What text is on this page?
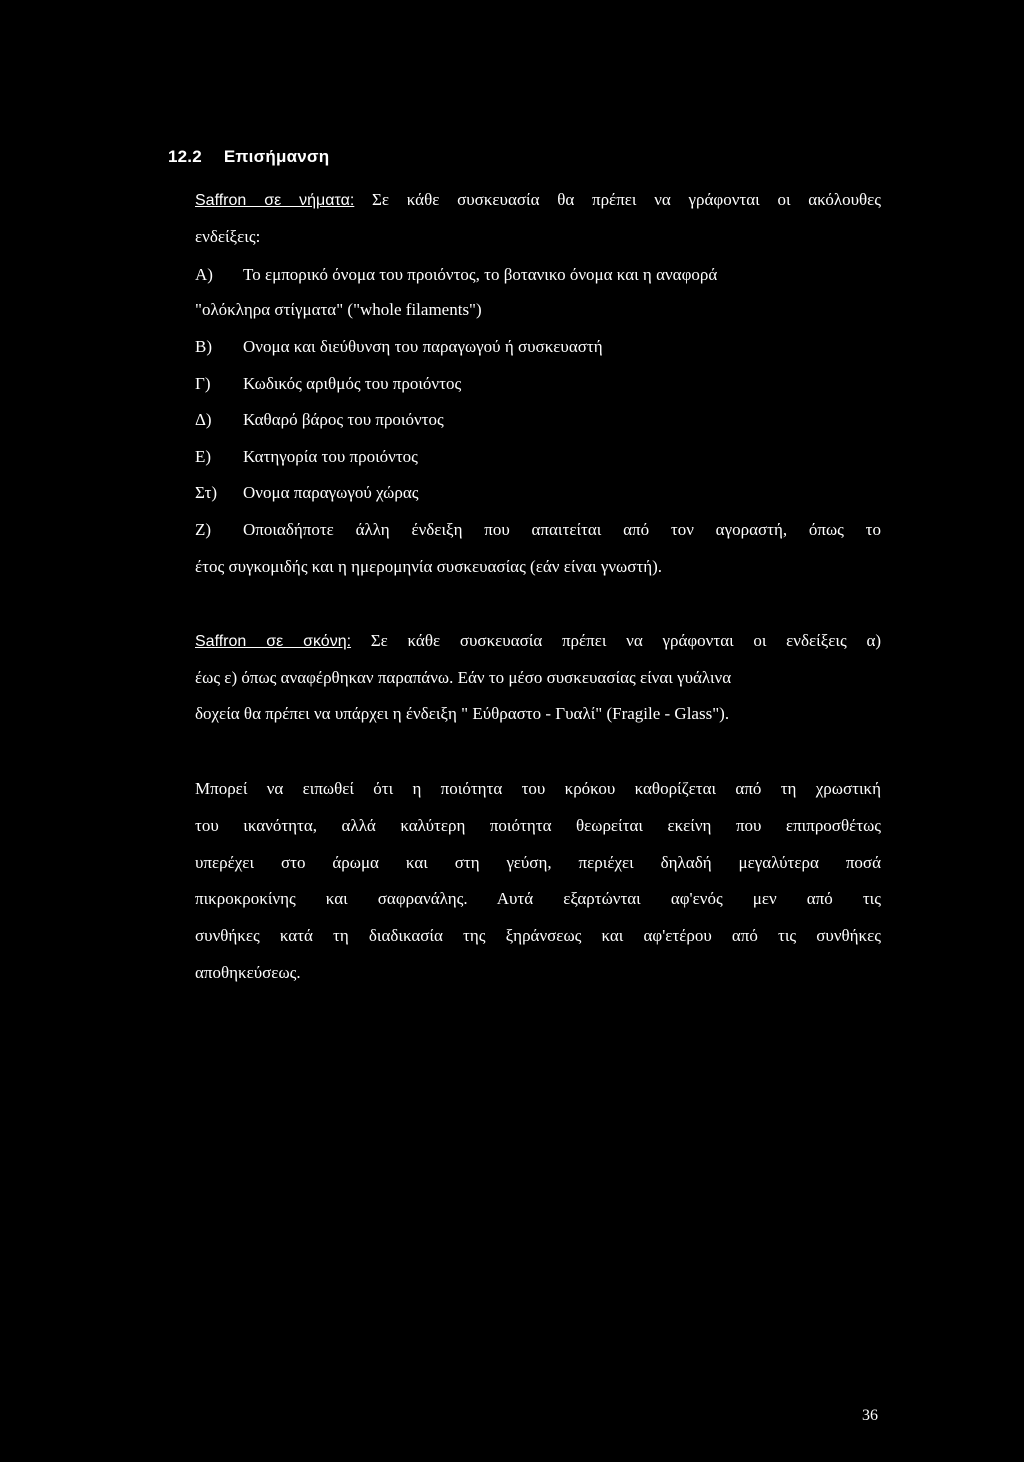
12.2 Επισήμανση
Saffron σε νήματα: Σε κάθε συσκευασία θα πρέπει να γράφονται οι ακόλουθες
ενδείξεις:
Α) Το εμπορικό όνομα του προιόντος, το βοτανικο όνομα και η αναφορά
"ολόκληρα στίγματα" ("whole filaments")
Β) Ονομα και διεύθυνση του παραγωγού ή συσκευαστή
Γ) Κωδικός αριθμός του προιόντος
Δ) Καθαρό βάρος του προιόντος
Ε) Κατηγορία του προιόντος
Στ) Ονομα παραγωγού χώρας
Ζ) Οποιαδήποτε άλλη ένδειξη που απαιτείται από τον αγοραστή, όπως το
έτος συγκομιδής και η ημερομηνία συσκευασίας (εάν είναι γνωστή).
Saffron σε σκόνη: Σε κάθε συσκευασία πρέπει να γράφονται οι ενδείξεις α)
έως ε) όπως αναφέρθηκαν παραπάνω. Εάν το μέσο συσκευασίας είναι γυάλινα
δοχεία θα πρέπει να υπάρχει η ένδειξη " Εύθραστο - Γυαλί" (Fragile - Glass").
Μπορεί να ειπωθεί ότι η ποιότητα του κρόκου καθορίζεται από τη χρωστική
του ικανότητα, αλλά καλύτερη ποιότητα θεωρείται εκείνη που επιπροσθέτως
υπερέχει στο άρωμα και στη γεύση, περιέχει δηλαδή μεγαλύτερα ποσά
πικροκροκίνης και σαφρανάλης. Αυτά εξαρτώνται αφ'ενός μεν από τις
συνθήκες κατά τη διαδικασία της ξηράνσεως και αφ'ετέρου από τις συνθήκες
αποθηκεύσεως.
36
